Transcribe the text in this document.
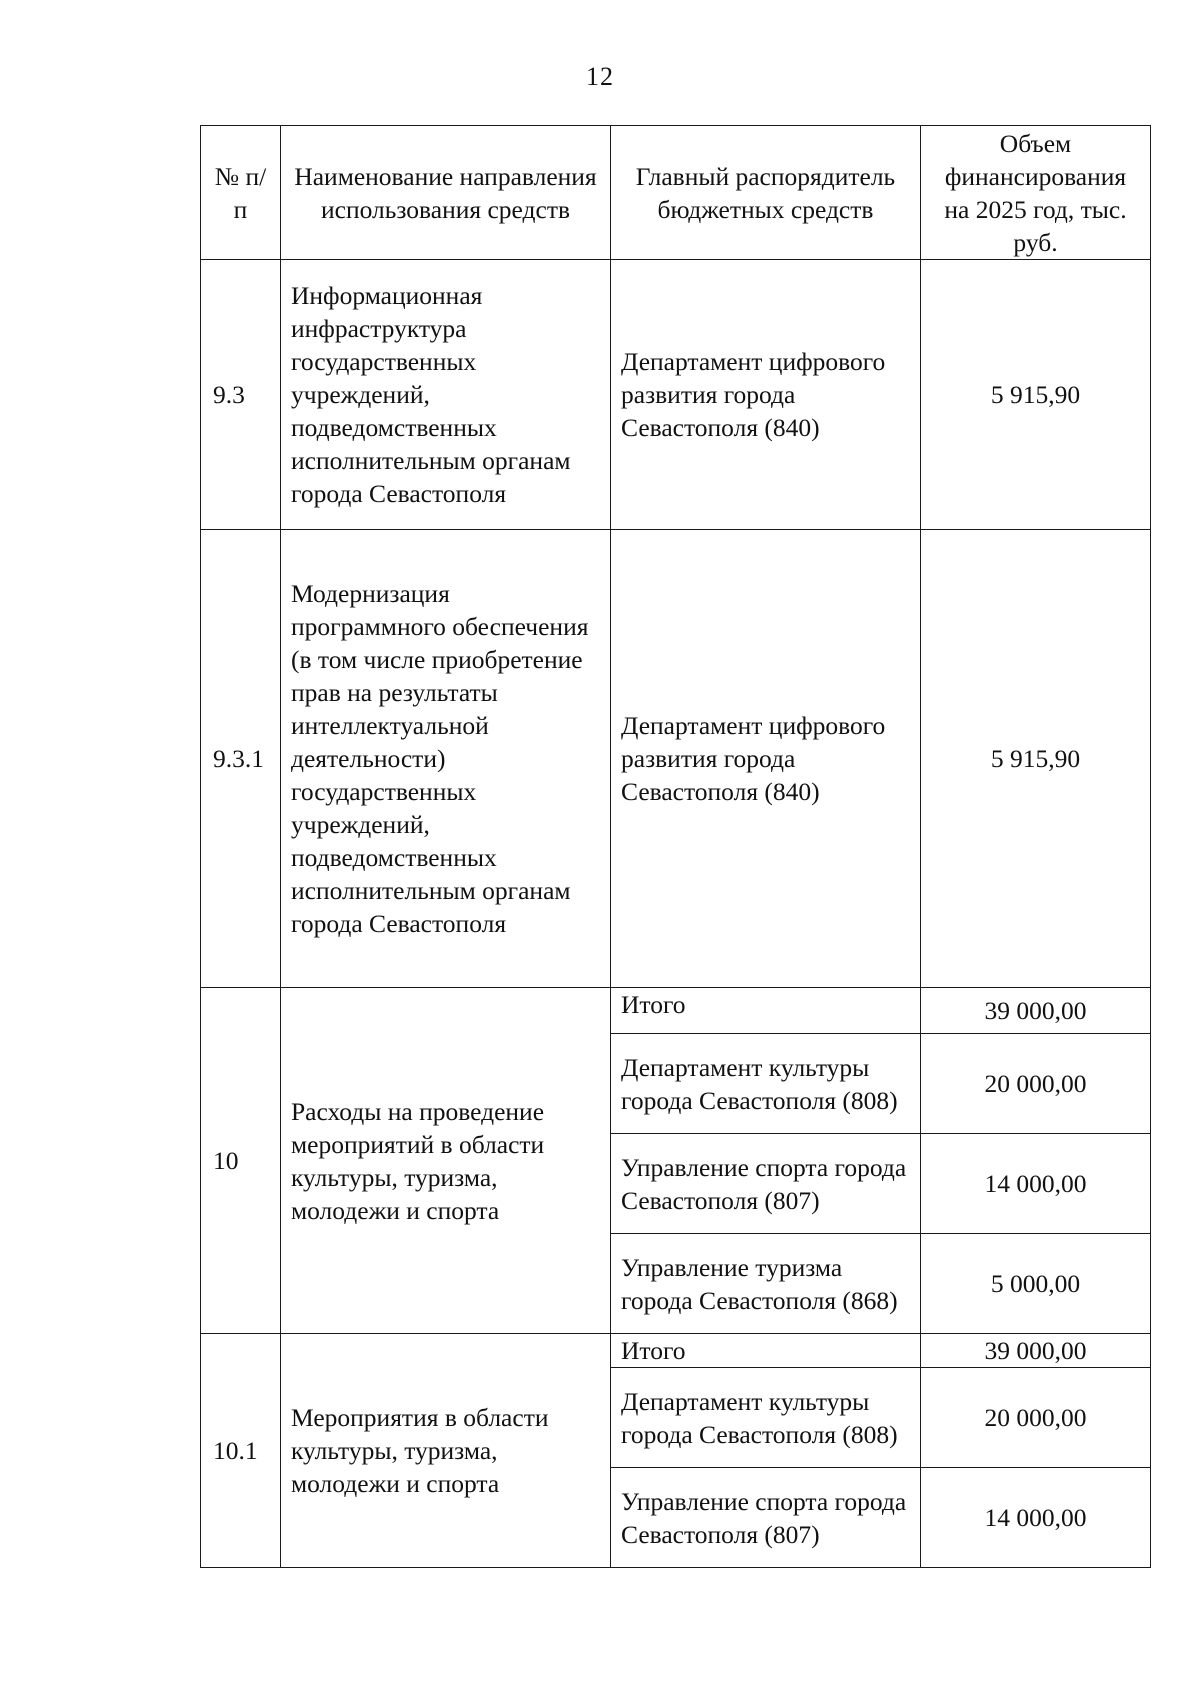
12
№ п/п	Наименование направления использования средств	Главный распорядитель бюджетных средств	Объем финансирования на 2025 год, тыс. руб.
9.3	Информационная инфраструктура государственных учреждений, подведомственных исполнительным органам города Севастополя	Департамент цифрового развития города Севастополя (840)	5 915,90
9.3.1	Модернизация программного обеспечения (в том числе приобретение прав на результаты интеллектуальной деятельности) государственных учреждений, подведомственных исполнительным органам города Севастополя	Департамент цифрового развития города Севастополя (840)	5 915,90
10	Расходы на проведение мероприятий в области культуры, туризма, молодежи и спорта	Итого	39 000,00
		Департамент культуры города Севастополя (808)	20 000,00
		Управление спорта города Севастополя (807)	14 000,00
		Управление туризма города Севастополя (868)	5 000,00
10.1	Мероприятия в области культуры, туризма, молодежи и спорта	Итого	39 000,00
		Департамент культуры города Севастополя (808)	20 000,00
		Управление спорта города Севастополя (807)	14 000,00
